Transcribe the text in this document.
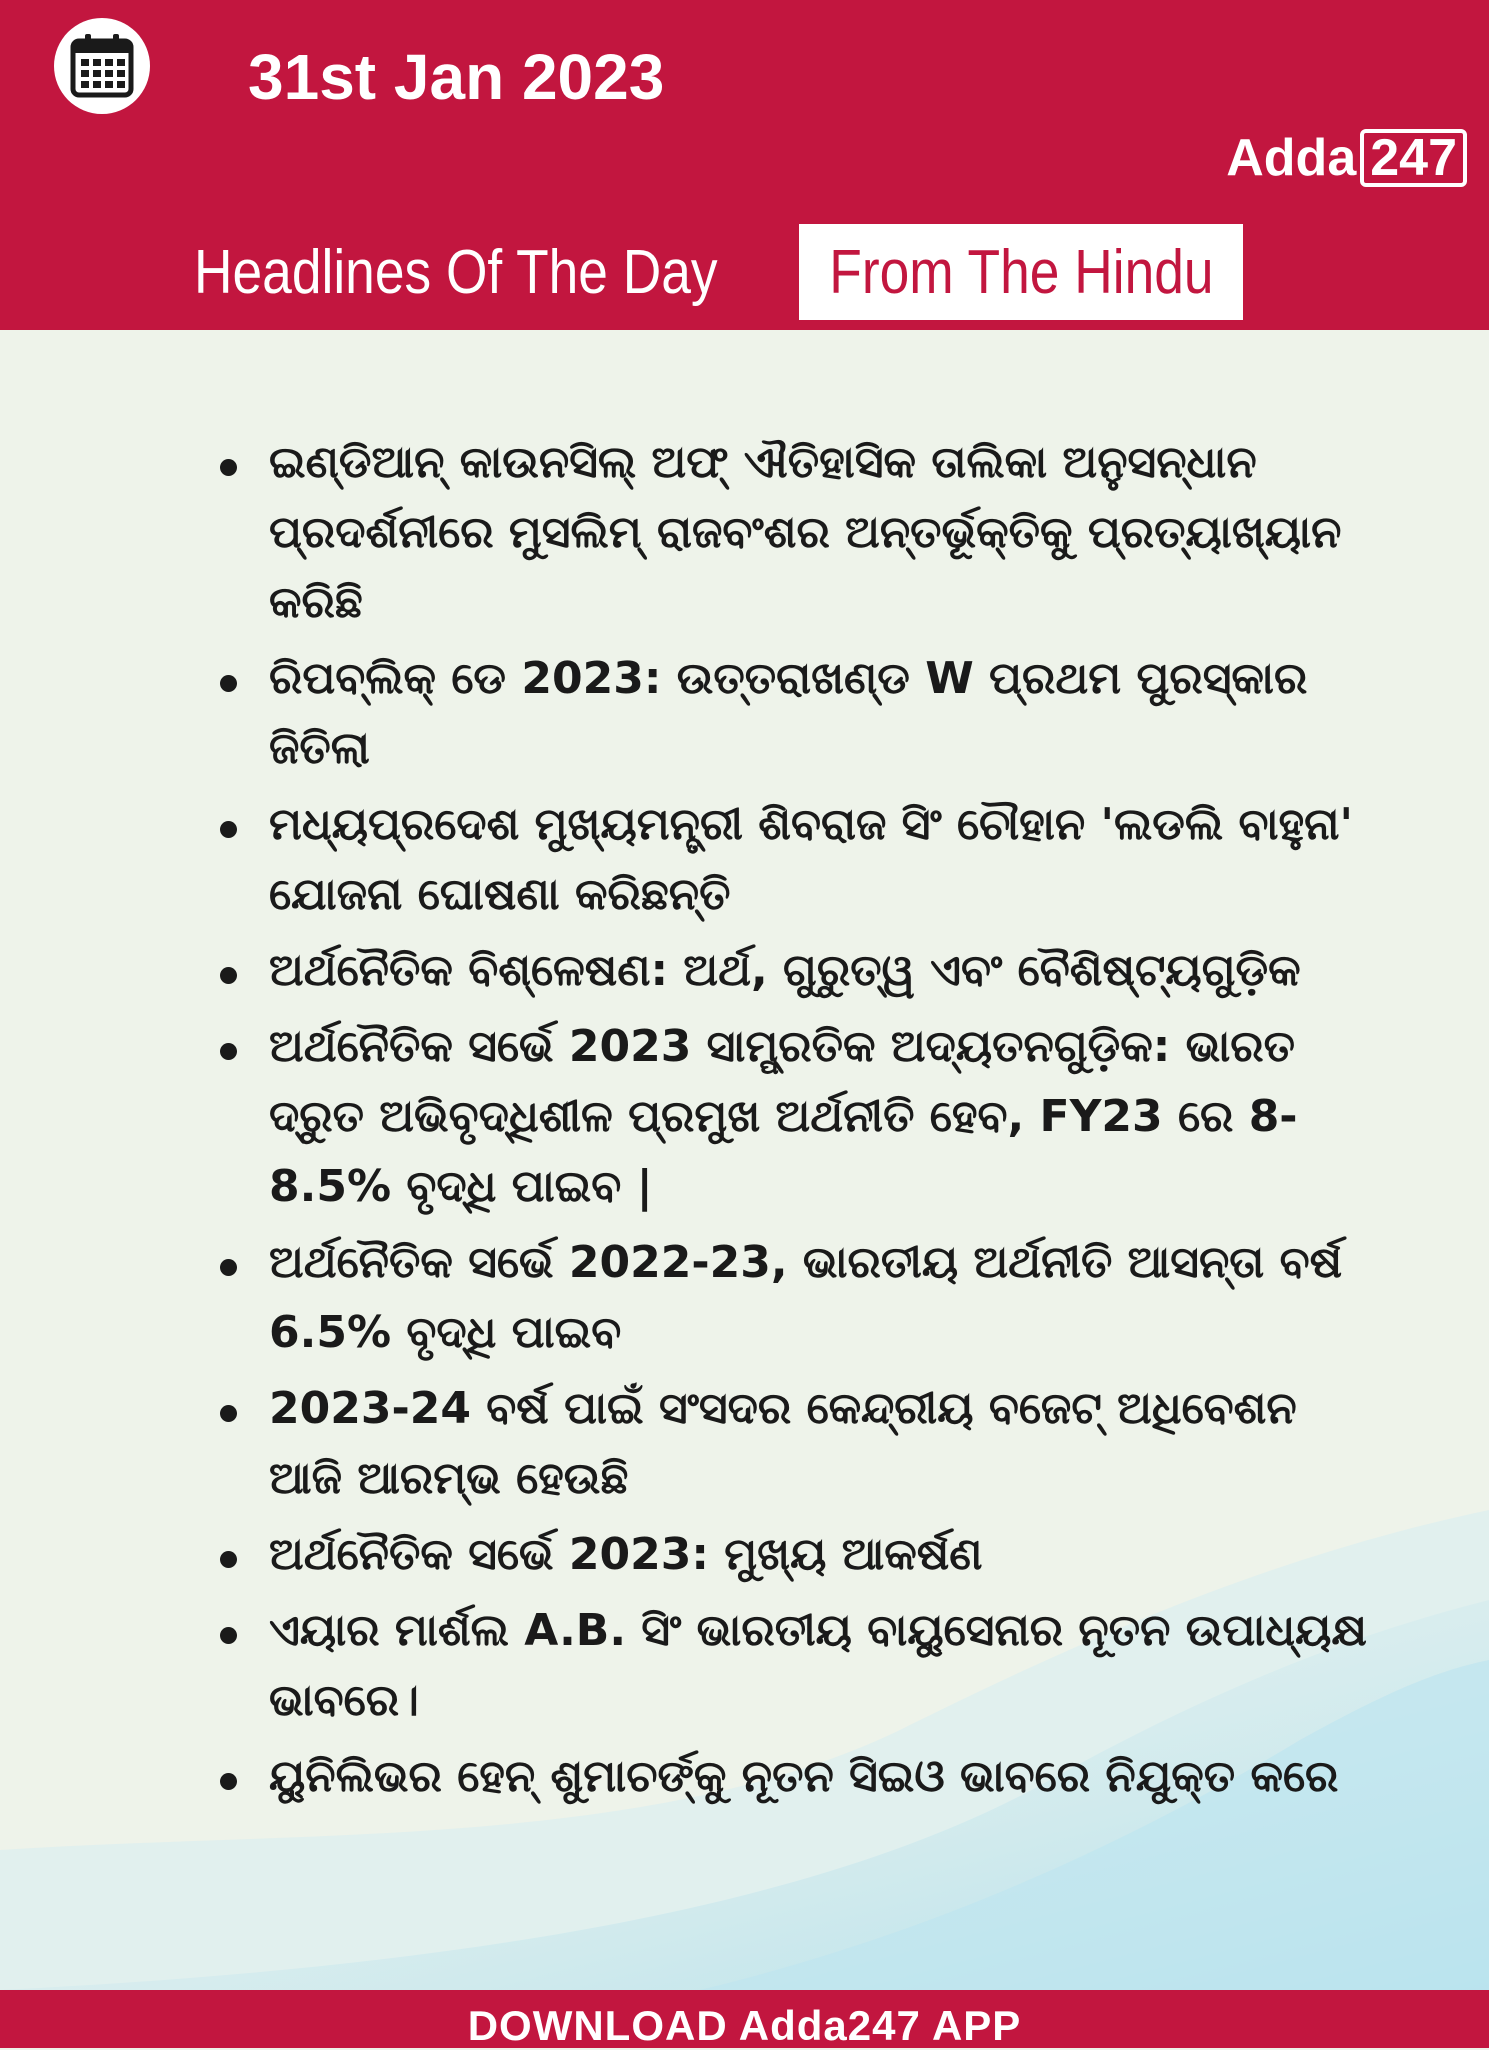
31st Jan 2023
Adda 247
Headlines Of The Day From The Hindu
ଇଣ୍ଡିଆନ୍ କାଉନସିଲ୍ ଅଫ୍ ଐତିହାସିକ ତାଲିକା ଅନୁସନ୍ଧାନ ପ୍ରଦର୍ଶନୀରେ ମୁସଲିମ୍ ରାଜବଂଶର ଅନ୍ତର୍ଭୂକ୍ତିକୁ ପ୍ରତ୍ୟାଖ୍ୟାନ କରିଛି
ରିପବ୍ଲିକ୍ ଡେ 2023: ଉତ୍ତରାଖଣ୍ଡ W ପ୍ରଥମ ପୁରସ୍କାର ଜିତିଲା
ମଧ୍ୟପ୍ରଦେଶ ମୁଖ୍ୟମନ୍ତ୍ରୀ ଶିବରାଜ ସିଂ ଚୌହାନ 'ଲଡଲି ବାହୁନା' ଯୋଜନା ଘୋଷଣା କରିଛନ୍ତି
ଅର୍ଥନୈତିକ ବିଶ୍ଳେଷଣ: ଅର୍ଥ, ଗୁରୁତ୍ୱ ଏବଂ ବୈଶିଷ୍ଟ୍ୟଗୁଡ଼ିକ
ଅର୍ଥନୈତିକ ସର୍ଭେ 2023 ସାମ୍ପ୍ରତିକ ଅଦ୍ୟତନଗୁଡ଼ିକ: ଭାରତ ଦ୍ରୁତ ଅଭିବୃଦ୍ଧିଶୀଳ ପ୍ରମୁଖ ଅର୍ଥନୀତି ହେବ, FY23 ରେ 8-8.5% ବୃଦ୍ଧି ପାଇବ |
ଅର୍ଥନୈତିକ ସର୍ଭେ 2022-23, ଭାରତୀୟ ଅର୍ଥନୀତି ଆସନ୍ତା ବର୍ଷ 6.5% ବୃଦ୍ଧି ପାଇବ
2023-24 ବର୍ଷ ପାଇଁ ସଂସଦର କେନ୍ଦ୍ରୀୟ ବଜେଟ୍ ଅଧିବେଶନ ଆଜି ଆରମ୍ଭ ହେଉଛି
ଅର୍ଥନୈତିକ ସର୍ଭେ 2023: ମୁଖ୍ୟ ଆକର୍ଷଣ
ଏୟାର ମାର୍ଶଲ A.B. ସିଂ ଭାରତୀୟ ବାୟୁସେନାର ନୂତନ ଉପାଧ୍ୟକ୍ଷ ଭାବରେ।
ୟୁନିଲିଭର ହେନ୍ ଶୁମାଚର୍ଙ୍କୁ ନୂତନ ସିଇଓ ଭାବରେ ନିଯୁକ୍ତ କରେ
DOWNLOAD Adda247 APP
